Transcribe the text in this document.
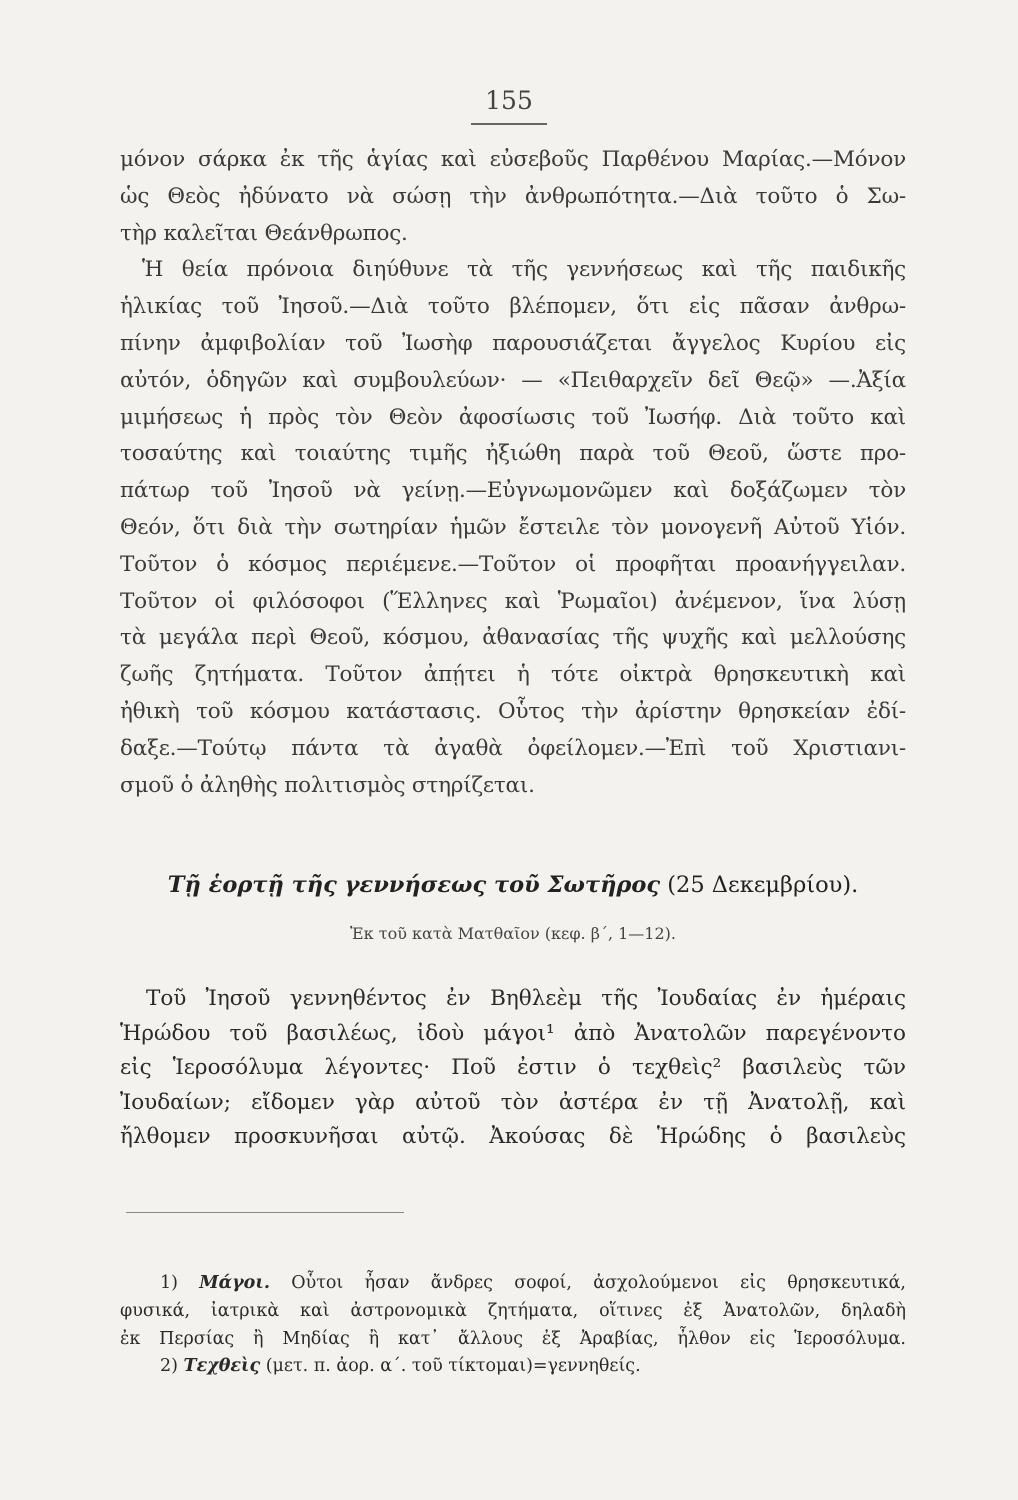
155
μόνον σάρκα ἐκ τῆς ἁγίας καὶ εὐσεβοῦς Παρθένου Μαρίας.—Μόνον
ὡς Θεὸς ἠδύνατο νὰ σώσῃ τὴν ἀνθρωπότητα.—Διὰ τοῦτο ὁ Σω-
τὴρ καλεῖται Θεάνθρωπος.
Ἡ θεία πρόνοια διηύθυνε τὰ τῆς γεννήσεως καὶ τῆς παιδικῆς
ἡλικίας τοῦ Ἰησοῦ.—Διὰ τοῦτο βλέπομεν, ὅτι εἰς πᾶσαν ἀνθρω-
πίνην ἀμφιβολίαν τοῦ Ἰωσὴφ παρουσιάζεται ἄγγελος Κυρίου εἰς
αὐτόν, ὁδηγῶν καὶ συμβουλεύων· — «Πειθαρχεῖν δεῖ Θεῷ» —.Ἀξία
μιμήσεως ἡ πρὸς τὸν Θεὸν ἀφοσίωσις τοῦ Ἰωσήφ. Διὰ τοῦτο καὶ
τοσαύτης καὶ τοιαύτης τιμῆς ἠξιώθη παρὰ τοῦ Θεοῦ, ὥστε προ-
πάτωρ τοῦ Ἰησοῦ νὰ γείνῃ.—Εὐγνωμονῶμεν καὶ δοξάζωμεν τὸν
Θεόν, ὅτι διὰ τὴν σωτηρίαν ἡμῶν ἔστειλε τὸν μονογενῆ Αὐτοῦ Υἱόν.
Τοῦτον ὁ κόσμος περιέμενε.—Τοῦτον οἱ προφῆται προανήγγειλαν.
Τοῦτον οἱ φιλόσοφοι (Ἕλληνες καὶ Ῥωμαῖοι) ἀνέμενον, ἵνα λύσῃ
τὰ μεγάλα περὶ Θεοῦ, κόσμου, ἀθανασίας τῆς ψυχῆς καὶ μελλούσης
ζωῆς ζητήματα. Τοῦτον ἀπῄτει ἡ τότε οἰκτρὰ θρησκευτικὴ καὶ
ἠθικὴ τοῦ κόσμου κατάστασις. Οὗτος τὴν ἀρίστην θρησκείαν ἐδί-
δαξε.—Τούτῳ πάντα τὰ ἀγαθὰ ὀφείλομεν.—Ἐπὶ τοῦ Χριστιανι-
σμοῦ ὁ ἀληθὴς πολιτισμὸς στηρίζεται.
Τῇ ἑορτῇ τῆς γεννήσεως τοῦ Σωτῆρος (25 Δεκεμβρίου).
Ἐκ τοῦ κατὰ Ματθαῖον (κεφ. β΄, 1—12).
Τοῦ Ἰησοῦ γεννηθέντος ἐν Βηθλεὲμ τῆς Ἰουδαίας ἐν ἡμέραις
Ἡρώδου τοῦ βασιλέως, ἰδοὺ μάγοι¹ ἀπὸ Ἀνατολῶν παρεγένοντο
εἰς Ἱεροσόλυμα λέγοντες· Ποῦ ἐστιν ὁ τεχθεὶς² βασιλεὺς τῶν
Ἰουδαίων; εἴδομεν γὰρ αὐτοῦ τὸν ἀστέρα ἐν τῇ Ἀνατολῇ, καὶ
ἤλθομεν προσκυνῆσαι αὐτῷ. Ἀκούσας δὲ Ἡρώδης ὁ βασιλεὺς
1) Μάγοι. Οὗτοι ἦσαν ἄνδρες σοφοί, ἀσχολούμενοι εἰς θρησκευτικά,
φυσικά, ἰατρικὰ καὶ ἀστρονομικὰ ζητήματα, οἵτινες ἐξ Ἀνατολῶν, δηλαδὴ
ἐκ Περσίας ἢ Μηδίας ἢ κατ᾽ ἄλλους ἐξ Ἀραβίας, ἦλθον εἰς Ἱεροσόλυμα.
2) Τεχθεὶς (μετ. π. ἀορ. α΄. τοῦ τίκτομαι)=γεννηθείς.
